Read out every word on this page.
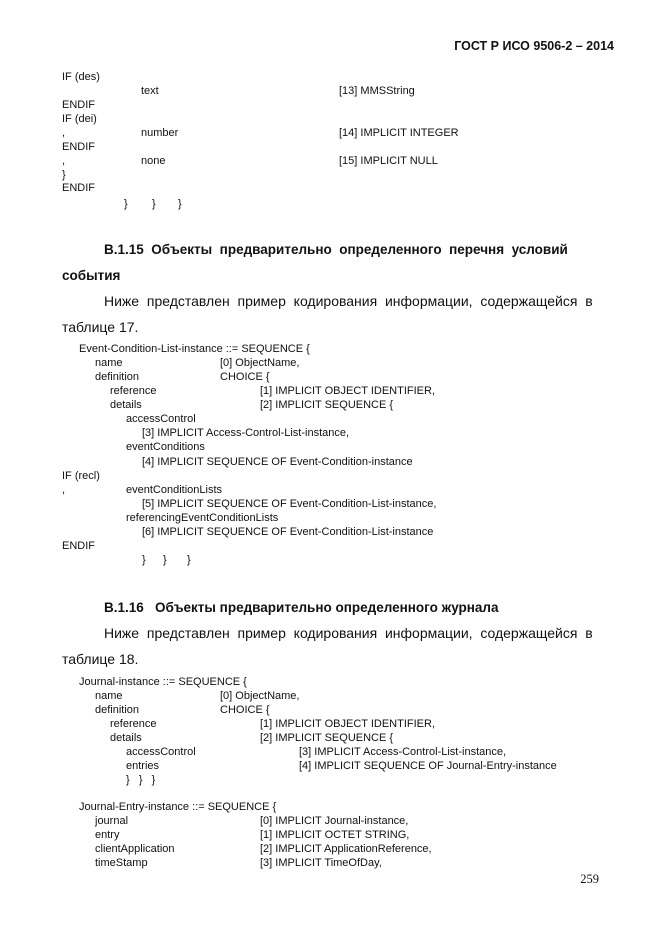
ГОСТ Р ИСО 9506-2 – 2014
IF (des)
text	[13] MMSString
ENDIF
IF (dei)
,	number	[14] IMPLICIT INTEGER
ENDIF
,	none	[15] IMPLICIT NULL
}
ENDIF
} } }
В.1.15  Объекты  предварительно  определенного  перечня  условий
события
Ниже  представлен  пример  кодирования  информации,  содержащейся  в
таблице 17.
Event-Condition-List-instance ::= SEQUENCE {
name	[0] ObjectName,
definition	CHOICE {
reference	[1] IMPLICIT OBJECT IDENTIFIER,
details	[2] IMPLICIT SEQUENCE {
accessControl
[3] IMPLICIT Access-Control-List-instance,
eventConditions
[4] IMPLICIT SEQUENCE OF Event-Condition-instance
IF (recl)
,	eventConditionLists
[5] IMPLICIT SEQUENCE OF Event-Condition-List-instance,
referencingEventConditionLists
[6] IMPLICIT SEQUENCE OF Event-Condition-List-instance
ENDIF
} } }
В.1.16   Объекты предварительно определенного журнала
Ниже  представлен  пример  кодирования  информации,  содержащейся  в
таблице 18.
Journal-instance ::= SEQUENCE {
name	[0] ObjectName,
definition	CHOICE {
reference	[1] IMPLICIT OBJECT IDENTIFIER,
details	[2] IMPLICIT SEQUENCE {
accessControl	[3] IMPLICIT Access-Control-List-instance,
entries	[4] IMPLICIT SEQUENCE OF Journal-Entry-instance
}   }   }
Journal-Entry-instance ::= SEQUENCE {
journal	[0] IMPLICIT Journal-instance,
entry	[1] IMPLICIT OCTET STRING,
clientApplication	[2] IMPLICIT ApplicationReference,
timeStamp	[3] IMPLICIT TimeOfDay,
259
